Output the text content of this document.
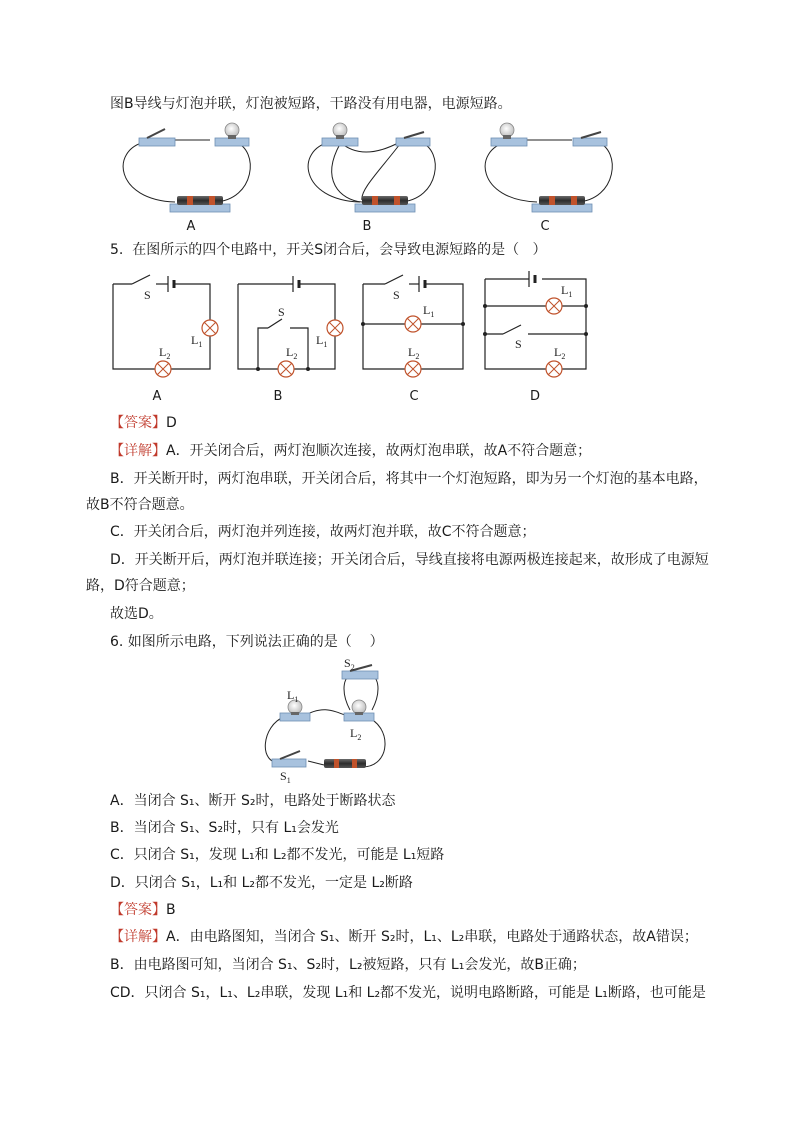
图B导线与灯泡并联，灯泡被短路，干路没有用电器，电源短路。
A	B	C
5.  在图所示的四个电路中，开关S闭合后，会导致电源短路的是（   ）
S
$L_1$
$L_2$
S
$L_1$
$L_2$
S
$L_1$
$L_2$
S
$L_1$
$L_2$
A	B	C	D
【答案】D
【详解】A．开关闭合后，两灯泡顺次连接，故两灯泡串联，故A不符合题意；
B．开关断开时，两灯泡串联，开关闭合后，将其中一个灯泡短路，即为另一个灯泡的基本电路，
故B不符合题意。
C．开关闭合后，两灯泡并列连接，故两灯泡并联，故C不符合题意；
D．开关断开后，两灯泡并联连接；开关闭合后，导线直接将电源两极连接起来，故形成了电源短
路，D符合题意；
故选D。
6. 如图所示电路，下列说法正确的是（    ）
$S_2$
$L_1$
$L_2$
$S_1$
A．当闭合 S₁、断开 S₂时，电路处于断路状态
B．当闭合 S₁、S₂时，只有 L₁会发光
C．只闭合 S₁，发现 L₁和 L₂都不发光，可能是 L₁短路
D．只闭合 S₁，L₁和 L₂都不发光，一定是 L₂断路
【答案】B
【详解】A．由电路图知，当闭合 S₁、断开 S₂时，L₁、L₂串联，电路处于通路状态，故A错误；
B．由电路图可知，当闭合 S₁、S₂时，L₂被短路，只有 L₁会发光，故B正确；
CD．只闭合 S₁，L₁、L₂串联，发现 L₁和 L₂都不发光，说明电路断路，可能是 L₁断路，也可能是
